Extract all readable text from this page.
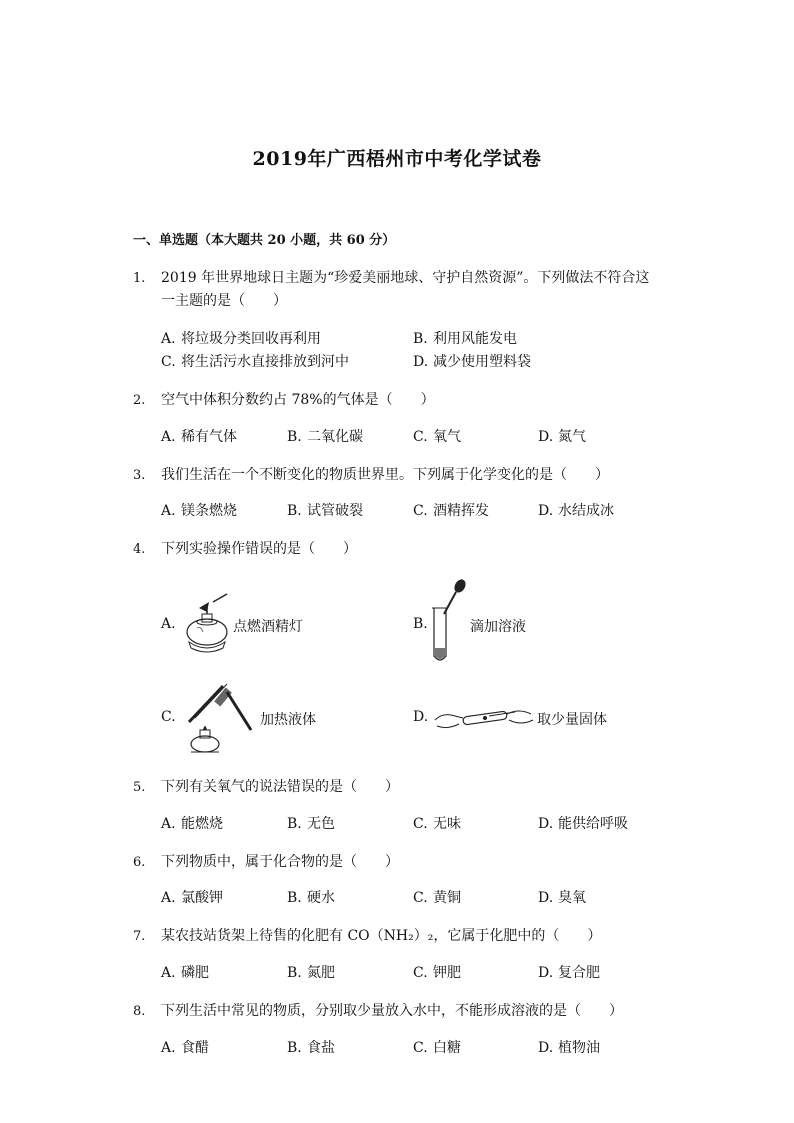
2019年广西梧州市中考化学试卷
一、单选题（本大题共 20 小题，共 60 分）
1. 2019 年世界地球日主题为“珍爱美丽地球、守护自然资源”。下列做法不符合这
一主题的是（　　）
A. 将垃圾分类回收再利用	B. 利用风能发电
C. 将生活污水直接排放到河中	D. 减少使用塑料袋
2. 空气中体积分数约占 78%的气体是（　　）
A. 稀有气体	B. 二氧化碳	C. 氧气	D. 氮气
3. 我们生活在一个不断变化的物质世界里。下列属于化学变化的是（　　）
A. 镁条燃烧	B. 试管破裂	C. 酒精挥发	D. 水结成冰
4. 下列实验操作错误的是（　　）
A.	点燃酒精灯	B.	滴加溶液
C.	加热液体	D.	取少量固体
5. 下列有关氧气的说法错误的是（　　）
A. 能燃烧	B. 无色	C. 无味	D. 能供给呼吸
6. 下列物质中，属于化合物的是（　　）
A. 氯酸钾	B. 硬水	C. 黄铜	D. 臭氧
7. 某农技站货架上待售的化肥有 CO（NH₂）₂，它属于化肥中的（　　）
A. 磷肥	B. 氮肥	C. 钾肥	D. 复合肥
8. 下列生活中常见的物质，分别取少量放入水中，不能形成溶液的是（　　）
A. 食醋	B. 食盐	C. 白糖	D. 植物油
